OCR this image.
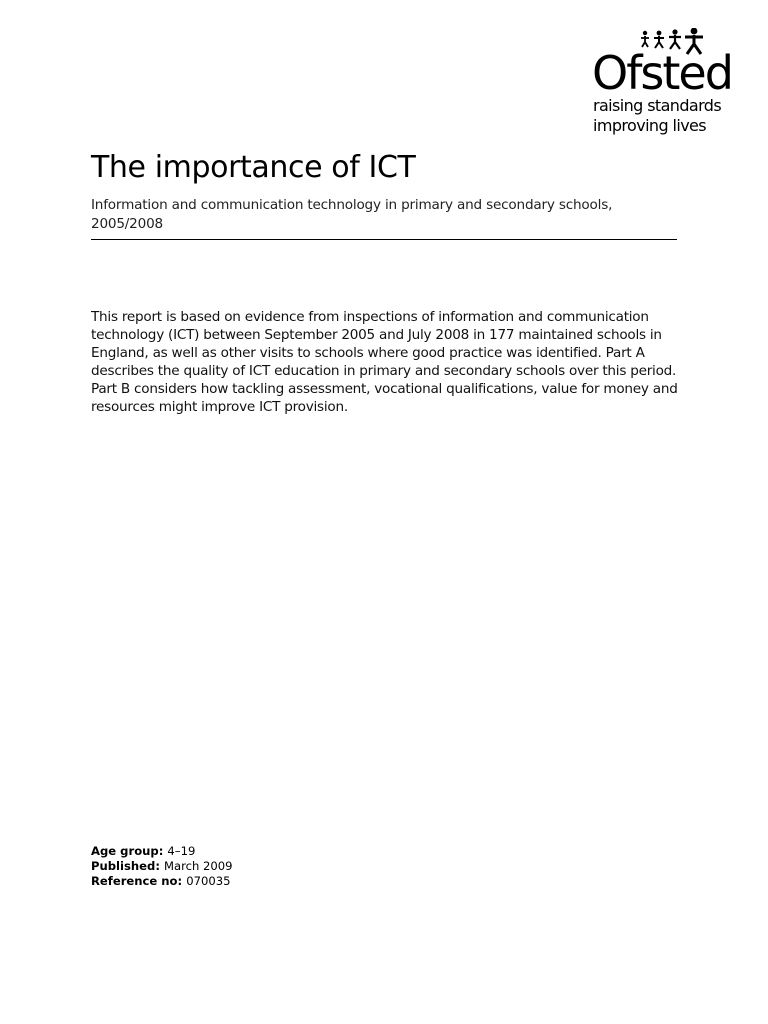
Ofsted
raising standards
improving lives
The importance of ICT

Information and communication technology in primary and secondary schools, 2005/2008

This report is based on evidence from inspections of information and communication technology (ICT) between September 2005 and July 2008 in 177 maintained schools in England, as well as other visits to schools where good practice was identified. Part A describes the quality of ICT education in primary and secondary schools over this period. Part B considers how tackling assessment, vocational qualifications, value for money and resources might improve ICT provision.

Age group: 4–19
Published: March 2009
Reference no: 070035
